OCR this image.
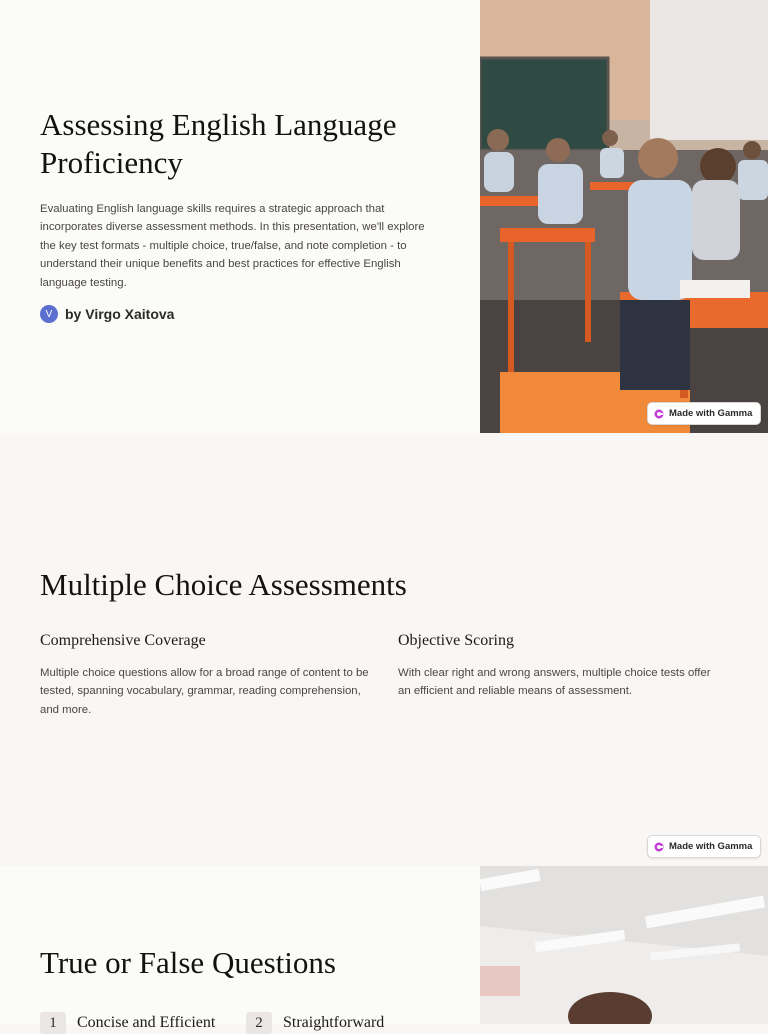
Assessing English Language Proficiency

Evaluating English language skills requires a strategic approach that incorporates diverse assessment methods. In this presentation, we'll explore the key test formats - multiple choice, true/false, and note completion - to understand their unique benefits and best practices for effective English language testing.

V by Virgo Xaitova
Made with Gamma
Multiple Choice Assessments
Comprehensive Coverage

Multiple choice questions allow for a broad range of content to be tested, spanning vocabulary, grammar, reading comprehension, and more.

Objective Scoring

With clear right and wrong answers, multiple choice tests offer an efficient and reliable means of assessment.

Made with Gamma
True or False Questions
1	Concise and Efficient	2	Straightforward
